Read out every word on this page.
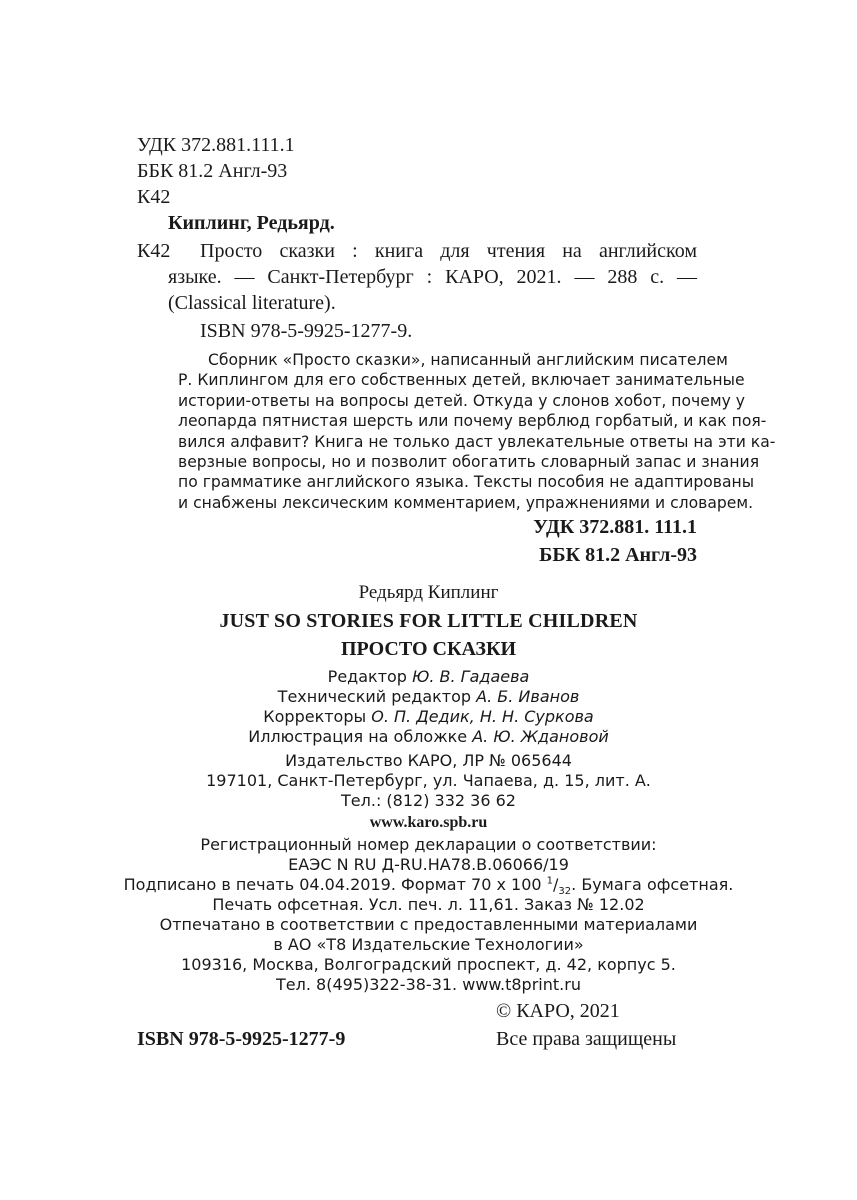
УДК 372.881.111.1
ББК 81.2 Англ-93
К42
Киплинг, Редьярд.
К42 Просто сказки : книга для чтения на английском
языке. — Санкт-Петербург : КАРО, 2021. — 288 с. —
(Classical literature).
ISBN 978-5-9925-1277-9.
Сборник «Просто сказки», написанный английским писателем
Р. Киплингом для его собственных детей, включает занимательные
истории-ответы на вопросы детей. Откуда у слонов хобот, почему у
леопарда пятнистая шерсть или почему верблюд горбатый, и как поя-
вился алфавит? Книга не только даст увлекательные ответы на эти ка-
верзные вопросы, но и позволит обогатить словарный запас и знания
по грамматике английского языка. Тексты пособия не адаптированы
и снабжены лексическим комментарием, упражнениями и словарем.
УДК 372.881. 111.1
ББК 81.2 Англ-93
Редьярд Киплинг
JUST SO STORIES FOR LITTLE CHILDREN
ПРОСТО СКАЗКИ
Редактор Ю. В. Гадаева
Технический редактор А. Б. Иванов
Корректоры О. П. Дедик, Н. Н. Суркова
Иллюстрация на обложке А. Ю. Ждановой
Издательство КАРО, ЛР № 065644
197101, Санкт-Петербург, ул. Чапаева, д. 15, лит. А.
Тел.: (812) 332 36 62
www.karo.spb.ru
Регистрационный номер декларации о соответствии:
ЕАЭС N RU Д-RU.HA78.B.06066/19
Подписано в печать 04.04.2019. Формат 70 x 100 $^1/_{32}$. Бумага офсетная.
Печать офсетная. Усл. печ. л. 11,61. Заказ № 12.02
Отпечатано в соответствии с предоставленными материалами
в АО «Т8 Издательские Технологии»
109316, Москва, Волгоградский проспект, д. 42, корпус 5.
Тел. 8(495)322-38-31. www.t8print.ru
© КАРО, 2021
ISBN 978-5-9925-1277-9	Все права защищены
